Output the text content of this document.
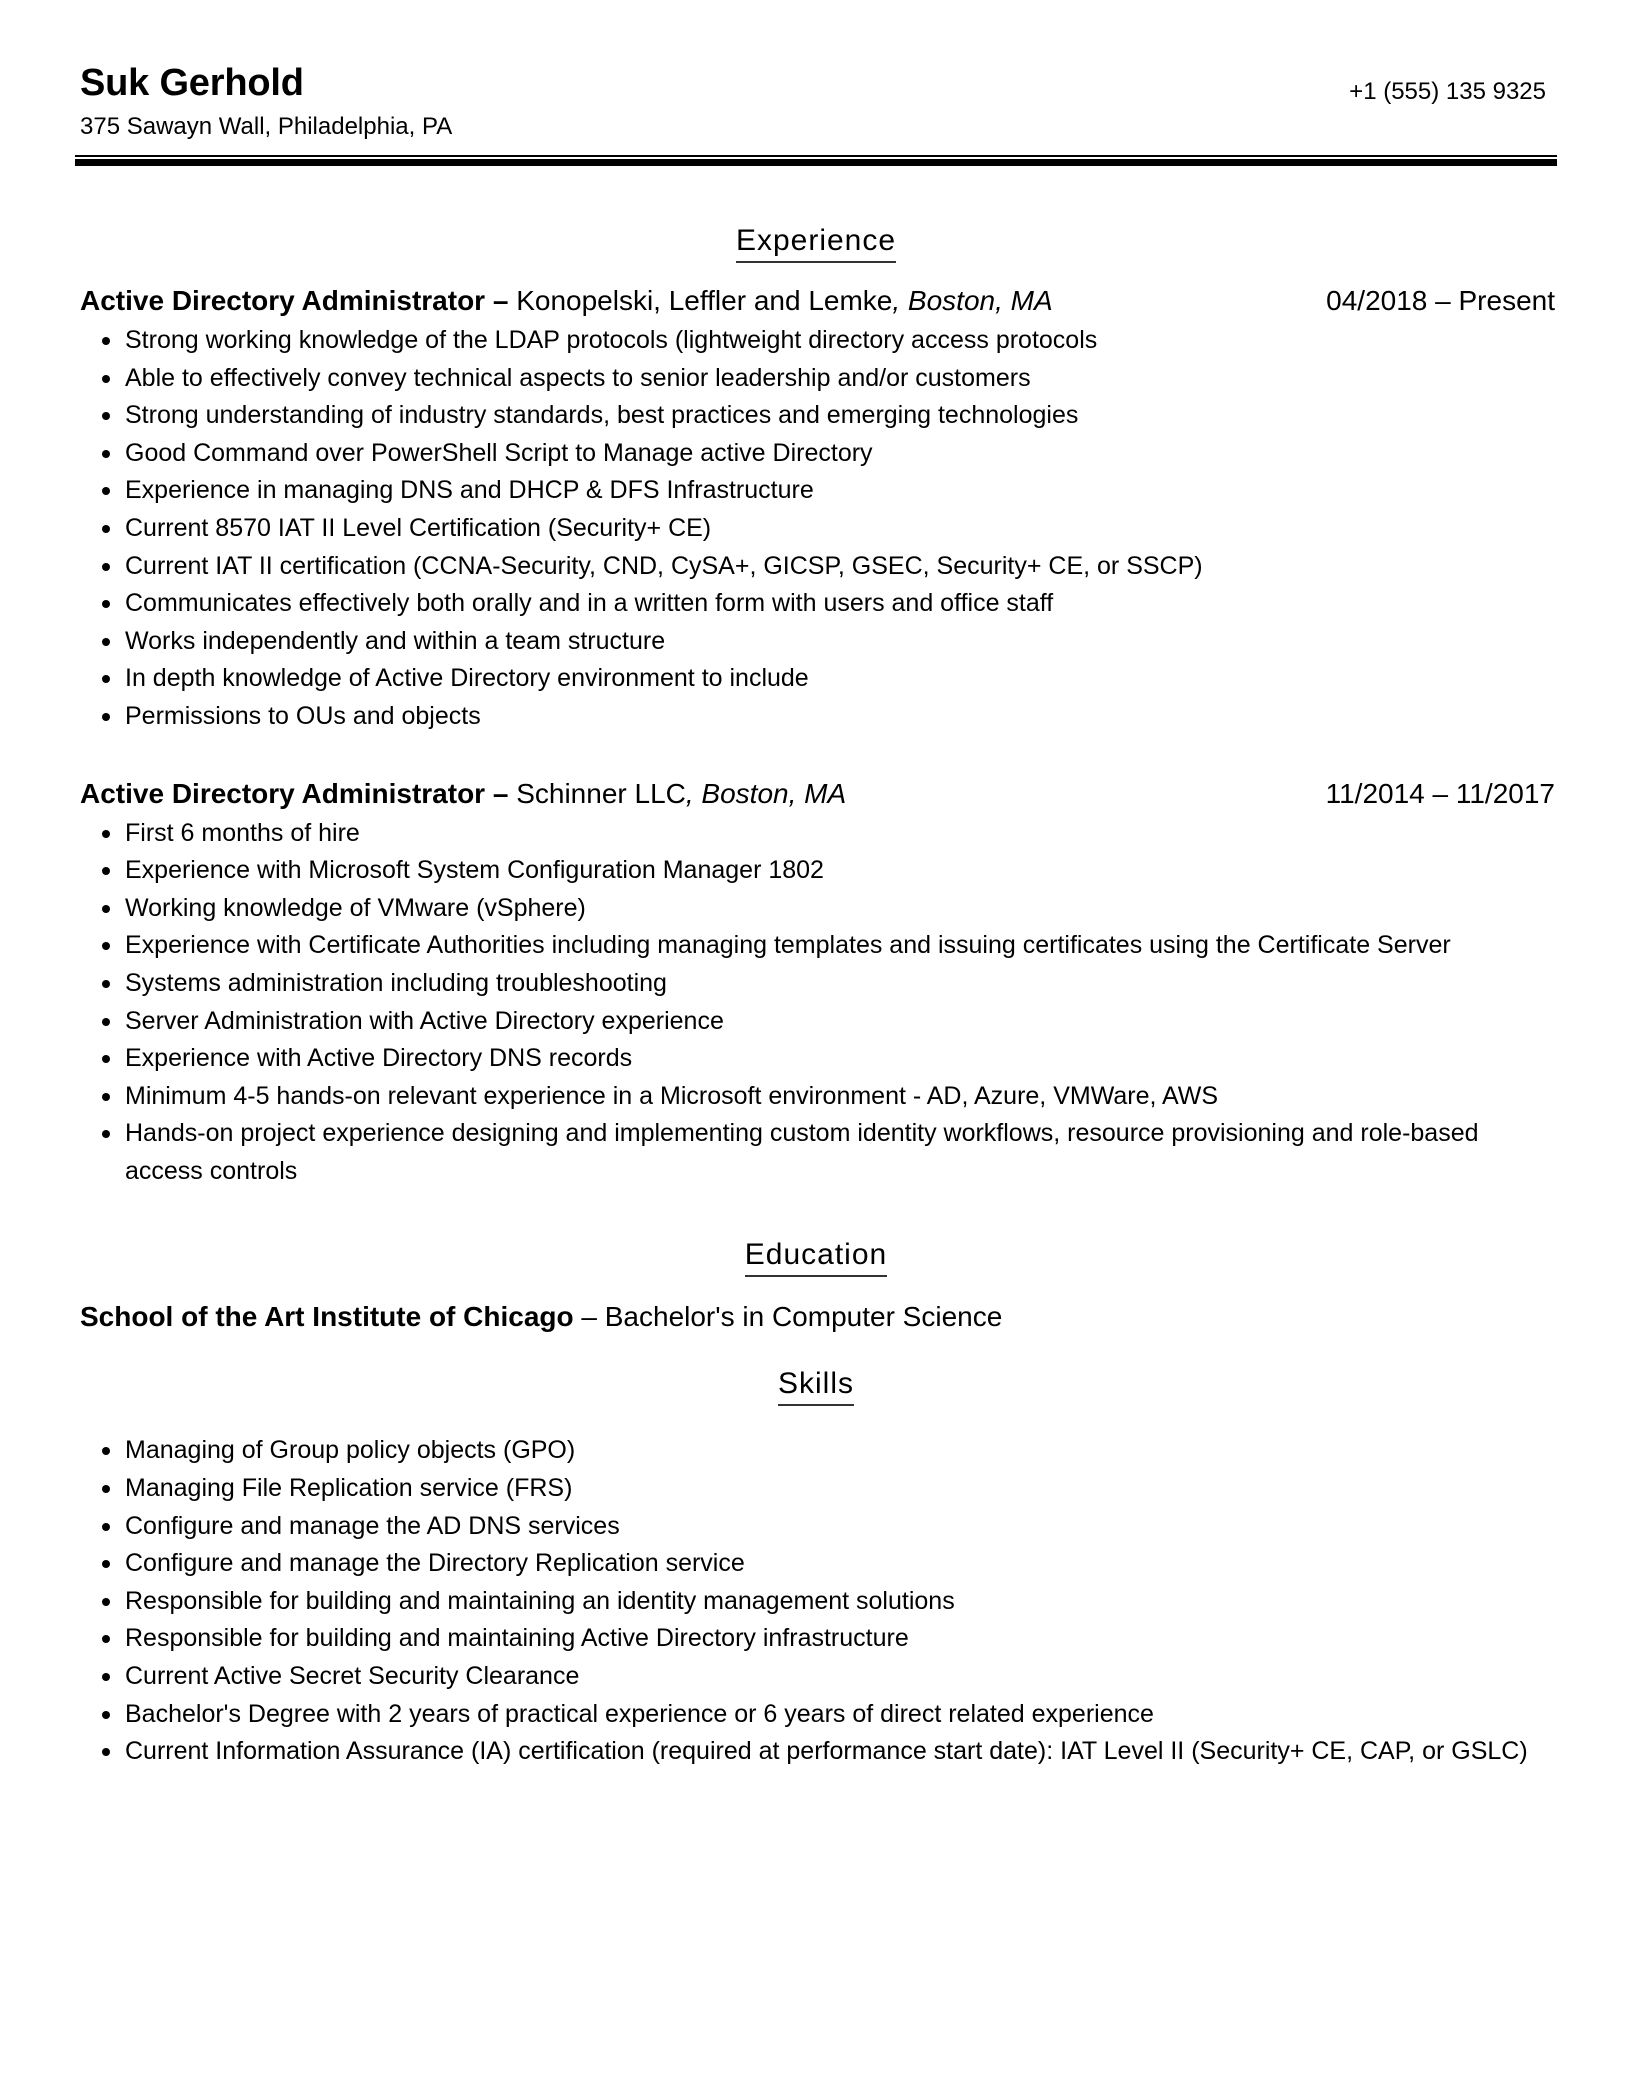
Suk Gerhold
375 Sawayn Wall, Philadelphia, PA
+1 (555) 135 9325
Experience
Active Directory Administrator – Konopelski, Leffler and Lemke, Boston, MA	04/2018 – Present
Strong working knowledge of the LDAP protocols (lightweight directory access protocols
Able to effectively convey technical aspects to senior leadership and/or customers
Strong understanding of industry standards, best practices and emerging technologies
Good Command over PowerShell Script to Manage active Directory
Experience in managing DNS and DHCP & DFS Infrastructure
Current 8570 IAT II Level Certification (Security+ CE)
Current IAT II certification (CCNA-Security, CND, CySA+, GICSP, GSEC, Security+ CE, or SSCP)
Communicates effectively both orally and in a written form with users and office staff
Works independently and within a team structure
In depth knowledge of Active Directory environment to include
Permissions to OUs and objects
Active Directory Administrator – Schinner LLC, Boston, MA	11/2014 – 11/2017
First 6 months of hire
Experience with Microsoft System Configuration Manager 1802
Working knowledge of VMware (vSphere)
Experience with Certificate Authorities including managing templates and issuing certificates using the Certificate Server
Systems administration including troubleshooting
Server Administration with Active Directory experience
Experience with Active Directory DNS records
Minimum 4-5 hands-on relevant experience in a Microsoft environment - AD, Azure, VMWare, AWS
Hands-on project experience designing and implementing custom identity workflows, resource provisioning and role-based access controls
Education
School of the Art Institute of Chicago – Bachelor's in Computer Science
Skills
Managing of Group policy objects (GPO)
Managing File Replication service (FRS)
Configure and manage the AD DNS services
Configure and manage the Directory Replication service
Responsible for building and maintaining an identity management solutions
Responsible for building and maintaining Active Directory infrastructure
Current Active Secret Security Clearance
Bachelor's Degree with 2 years of practical experience or 6 years of direct related experience
Current Information Assurance (IA) certification (required at performance start date): IAT Level II (Security+ CE, CAP, or GSLC)
